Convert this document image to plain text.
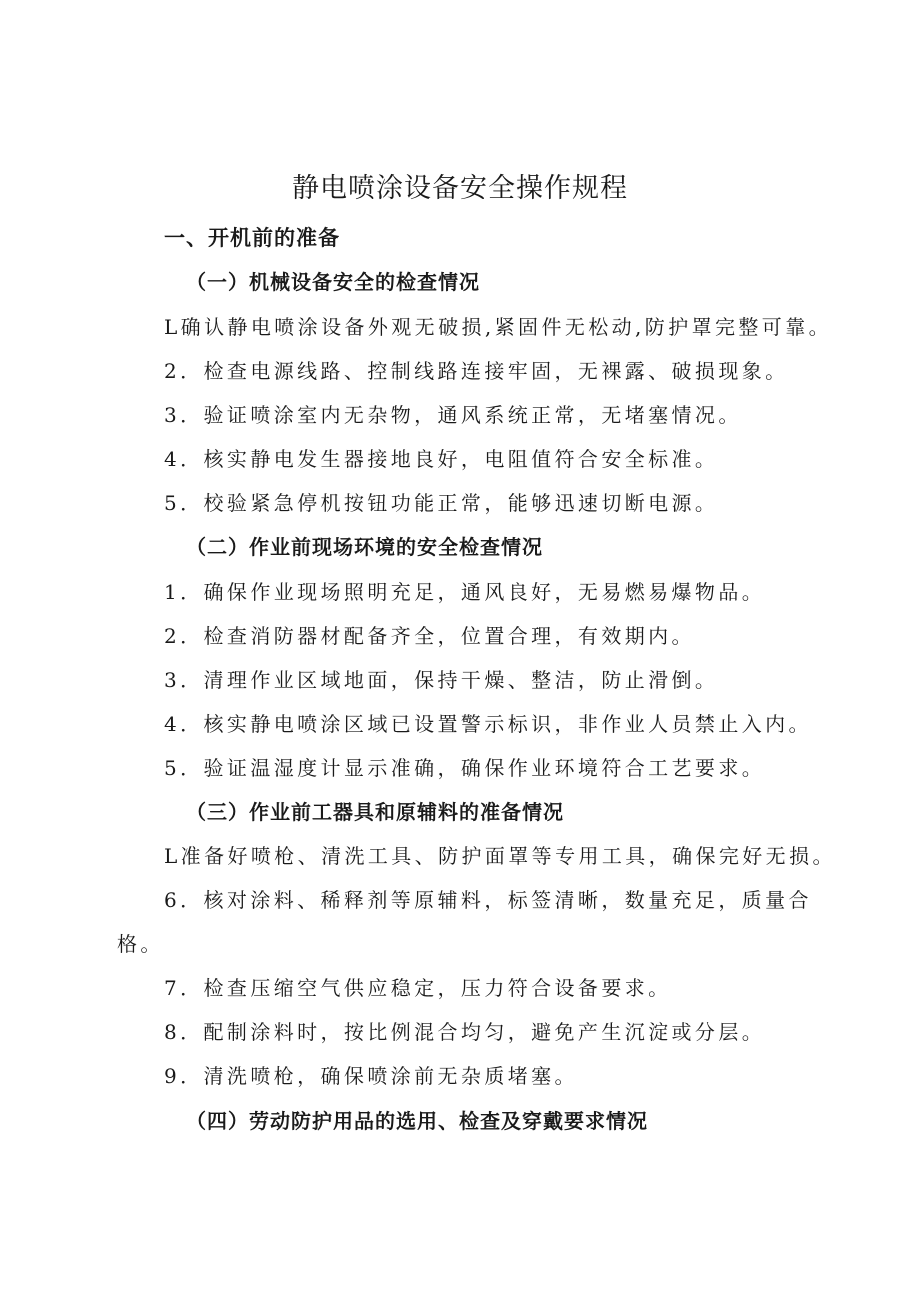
静电喷涂设备安全操作规程
一、开机前的准备
（一）机械设备安全的检查情况
L确认静电喷涂设备外观无破损,紧固件无松动,防护罩完整可靠。
2．检查电源线路、控制线路连接牢固，无裸露、破损现象。
3．验证喷涂室内无杂物，通风系统正常，无堵塞情况。
4．核实静电发生器接地良好，电阻值符合安全标准。
5．校验紧急停机按钮功能正常，能够迅速切断电源。
（二）作业前现场环境的安全检查情况
1．确保作业现场照明充足，通风良好，无易燃易爆物品。
2．检查消防器材配备齐全，位置合理，有效期内。
3．清理作业区域地面，保持干燥、整洁，防止滑倒。
4．核实静电喷涂区域已设置警示标识，非作业人员禁止入内。
5．验证温湿度计显示准确，确保作业环境符合工艺要求。
（三）作业前工器具和原辅料的准备情况
L准备好喷枪、清洗工具、防护面罩等专用工具，确保完好无损。
6．核对涂料、稀释剂等原辅料，标签清晰，数量充足，质量合
格。
7．检查压缩空气供应稳定，压力符合设备要求。
8．配制涂料时，按比例混合均匀，避免产生沉淀或分层。
9．清洗喷枪，确保喷涂前无杂质堵塞。
（四）劳动防护用品的选用、检查及穿戴要求情况
